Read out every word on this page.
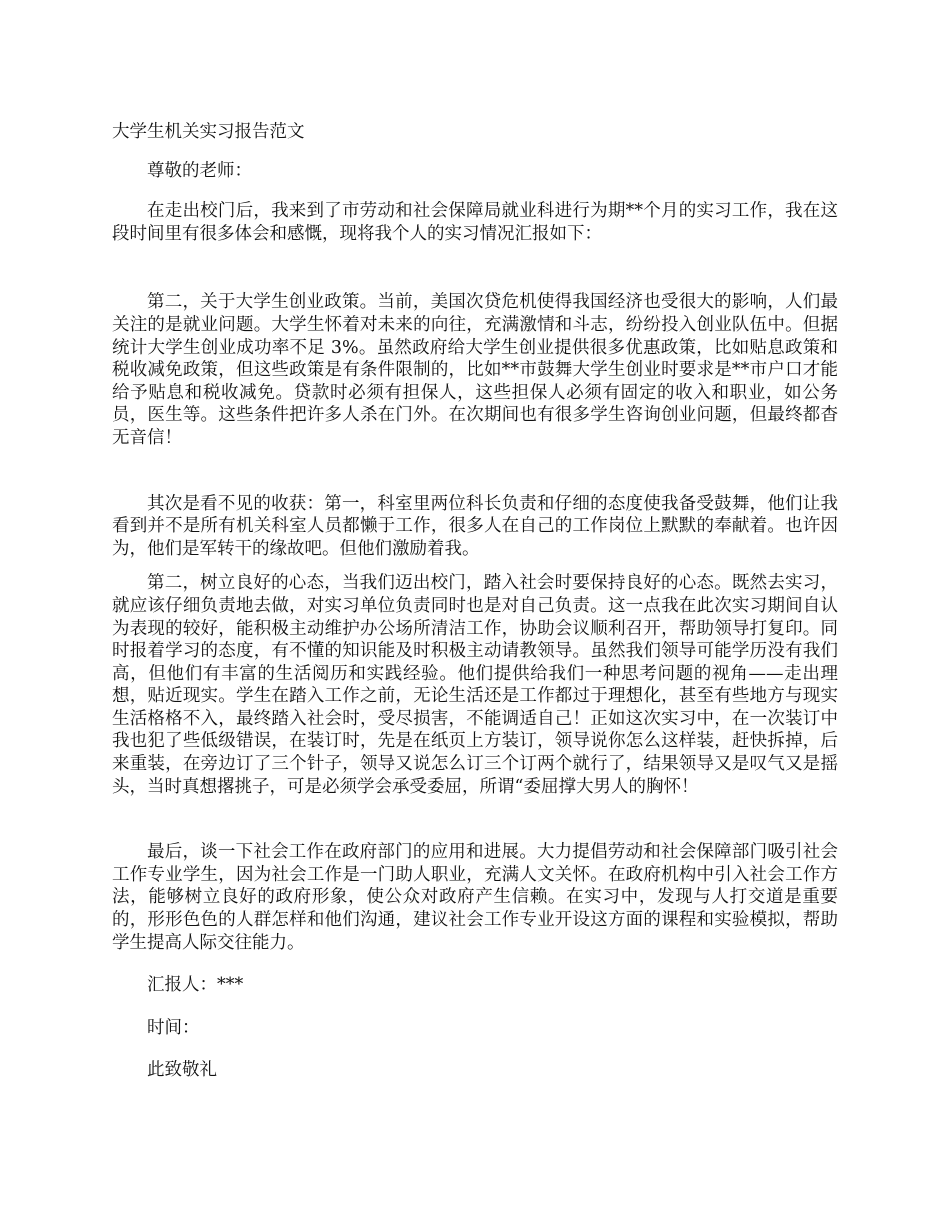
大学生机关实习报告范文

尊敬的老师：

在走出校门后，我来到了市劳动和社会保障局就业科进行为期**个月的实习工作，我在这段时间里有很多体会和感慨，现将我个人的实习情况汇报如下：

第二，关于大学生创业政策。当前，美国次贷危机使得我国经济也受很大的影响，人们最关注的是就业问题。大学生怀着对未来的向往，充满激情和斗志，纷纷投入创业队伍中。但据统计大学生创业成功率不足 3%。虽然政府给大学生创业提供很多优惠政策，比如贴息政策和税收减免政策，但这些政策是有条件限制的，比如**市鼓舞大学生创业时要求是**市户口才能给予贴息和税收减免。贷款时必须有担保人，这些担保人必须有固定的收入和职业，如公务员，医生等。这些条件把许多人杀在门外。在次期间也有很多学生咨询创业问题，但最终都杳无音信！

其次是看不见的收获：第一，科室里两位科长负责和仔细的态度使我备受鼓舞，他们让我看到并不是所有机关科室人员都懒于工作，很多人在自己的工作岗位上默默的奉献着。也许因为，他们是军转干的缘故吧。但他们激励着我。

第二，树立良好的心态，当我们迈出校门，踏入社会时要保持良好的心态。既然去实习，就应该仔细负责地去做，对实习单位负责同时也是对自己负责。这一点我在此次实习期间自认为表现的较好，能积极主动维护办公场所清洁工作，协助会议顺利召开，帮助领导打复印。同时报着学习的态度，有不懂的知识能及时积极主动请教领导。虽然我们领导可能学历没有我们高，但他们有丰富的生活阅历和实践经验。他们提供给我们一种思考问题的视角——走出理想，贴近现实。学生在踏入工作之前，无论生活还是工作都过于理想化，甚至有些地方与现实生活格格不入，最终踏入社会时，受尽损害，不能调适自己！正如这次实习中，在一次装订中我也犯了些低级错误，在装订时，先是在纸页上方装订，领导说你怎么这样装，赶快拆掉，后来重装，在旁边订了三个针子，领导又说怎么订三个订两个就行了，结果领导又是叹气又是摇头，当时真想撂挑子，可是必须学会承受委屈，所谓“委屈撑大男人的胸怀！

最后，谈一下社会工作在政府部门的应用和进展。大力提倡劳动和社会保障部门吸引社会工作专业学生，因为社会工作是一门助人职业，充满人文关怀。在政府机构中引入社会工作方法，能够树立良好的政府形象，使公众对政府产生信赖。在实习中，发现与人打交道是重要的，形形色色的人群怎样和他们沟通，建议社会工作专业开设这方面的课程和实验模拟，帮助学生提高人际交往能力。

汇报人：***

时间：

此致敬礼
